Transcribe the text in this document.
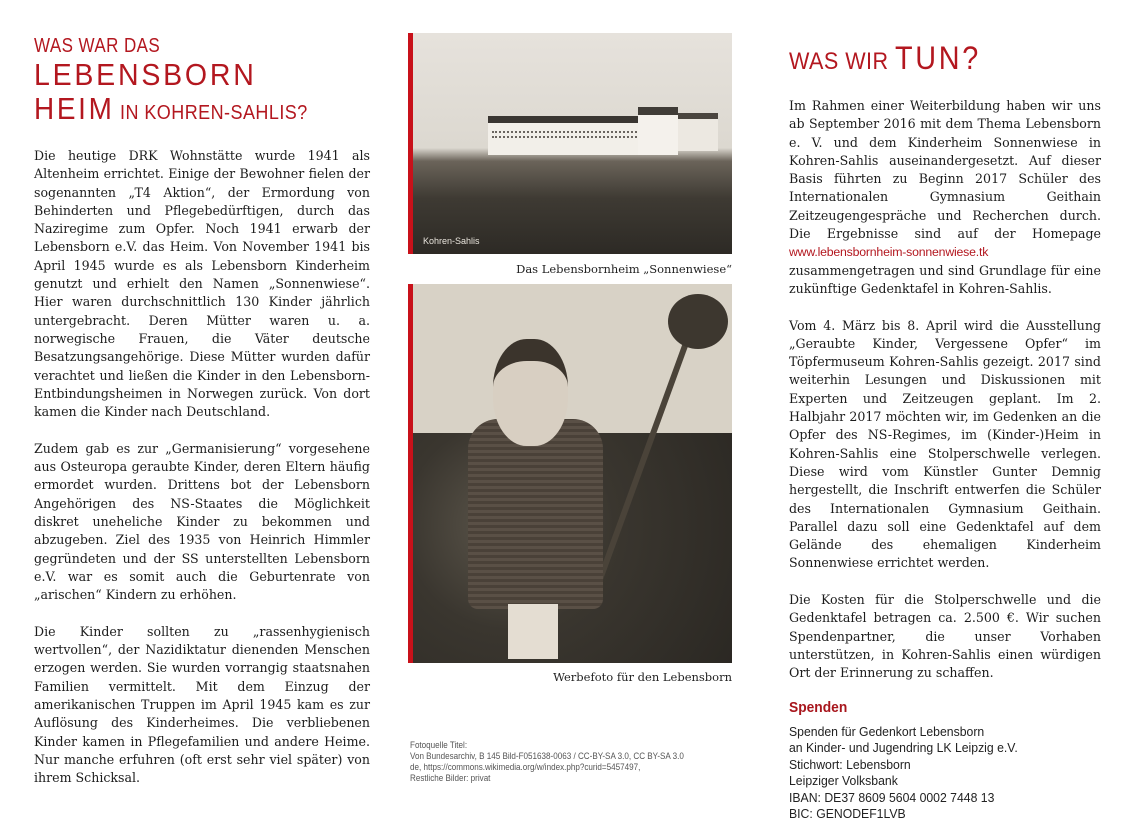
WAS WAR DAS
LEBENSBORN
HEIM IN KOHREN-SAHLIS?

Die heutige DRK Wohnstätte wurde 1941 als Altenheim errichtet. Einige der Bewohner fielen der sogenannten „T4 Aktion“, der Ermordung von Behinderten und Pflegebedürftigen, durch das Naziregime zum Opfer. Noch 1941 erwarb der Lebensborn e.V. das Heim. Von November 1941 bis April 1945 wurde es als Lebensborn Kinderheim genutzt und erhielt den Namen „Sonnenwiese“. Hier waren durchschnittlich 130 Kinder jährlich untergebracht. Deren Mütter waren u. a. norwegische Frauen, die Väter deutsche Besatzungsangehörige. Diese Mütter wurden dafür verachtet und ließen die Kinder in den Lebensborn-Entbindungsheimen in Norwegen zurück. Von dort kamen die Kinder nach Deutschland.

Zudem gab es zur „Germanisierung“ vorgesehene aus Osteuropa geraubte Kinder, deren Eltern häufig ermordet wurden. Drittens bot der Lebensborn Angehörigen des NS-Staates die Möglichkeit diskret uneheliche Kinder zu bekommen und abzugeben. Ziel des 1935 von Heinrich Himmler gegründeten und der SS unterstellten Lebensborn e.V. war es somit auch die Geburtenrate von „arischen“ Kindern zu erhöhen.

Die Kinder sollten zu „rassenhygienisch wertvollen“, der Nazidiktatur dienenden Menschen erzogen werden. Sie wurden vorrangig staatsnahen Familien vermittelt. Mit dem Einzug der amerikanischen Truppen im April 1945 kam es zur Auflösung des Kinderheimes. Die verbliebenen Kinder kamen in Pflegefamilien und andere Heime. Nur manche erfuhren (oft erst sehr viel später) von ihrem Schicksal.

Kohren-Sahlis
Das Lebensbornheim „Sonnenwiese“
Werbefoto für den Lebensborn
Fotoquelle Titel:
Von Bundesarchiv, B 145 Bild-F051638-0063 / CC-BY-SA 3.0, CC BY-SA 3.0
de, https://commons.wikimedia.org/w/index.php?curid=5457497,
Restliche Bilder: privat
WAS WIR TUN?

Im Rahmen einer Weiterbildung haben wir uns ab September 2016 mit dem Thema Lebensborn e. V. und dem Kinderheim Sonnenwiese in Kohren-Sahlis auseinandergesetzt. Auf dieser Basis führten zu Beginn 2017 Schüler des Internationalen Gymnasium Geithain Zeitzeugengespräche und Recherchen durch. Die Ergebnisse sind auf der Homepage www.lebensbornheim-sonnenwiese.tk zusammengetragen und sind Grundlage für eine zukünftige Gedenktafel in Kohren-Sahlis.

Vom 4. März bis 8. April wird die Ausstellung „Geraubte Kinder, Vergessene Opfer“ im Töpfermuseum Kohren-Sahlis gezeigt. 2017 sind weiterhin Lesungen und Diskussionen mit Experten und Zeitzeugen geplant. Im 2. Halbjahr 2017 möchten wir, im Gedenken an die Opfer des NS-Regimes, im (Kinder-)Heim in Kohren-Sahlis eine Stolperschwelle verlegen. Diese wird vom Künstler Gunter Demnig hergestellt, die Inschrift entwerfen die Schüler des Internationalen Gymnasium Geithain. Parallel dazu soll eine Gedenktafel auf dem Gelände des ehemaligen Kinderheim Sonnenwiese errichtet werden.

Die Kosten für die Stolperschwelle und die Gedenktafel betragen ca. 2.500 €. Wir suchen Spendenpartner, die unser Vorhaben unterstützen, in Kohren-Sahlis einen würdigen Ort der Erinnerung zu schaffen.

Spenden
Spenden für Gedenkort Lebensborn
an Kinder- und Jugendring LK Leipzig e.V.
Stichwort: Lebensborn
Leipziger Volksbank
IBAN: DE37 8609 5604 0002 7448 13
BIC: GENODEF1LVB
